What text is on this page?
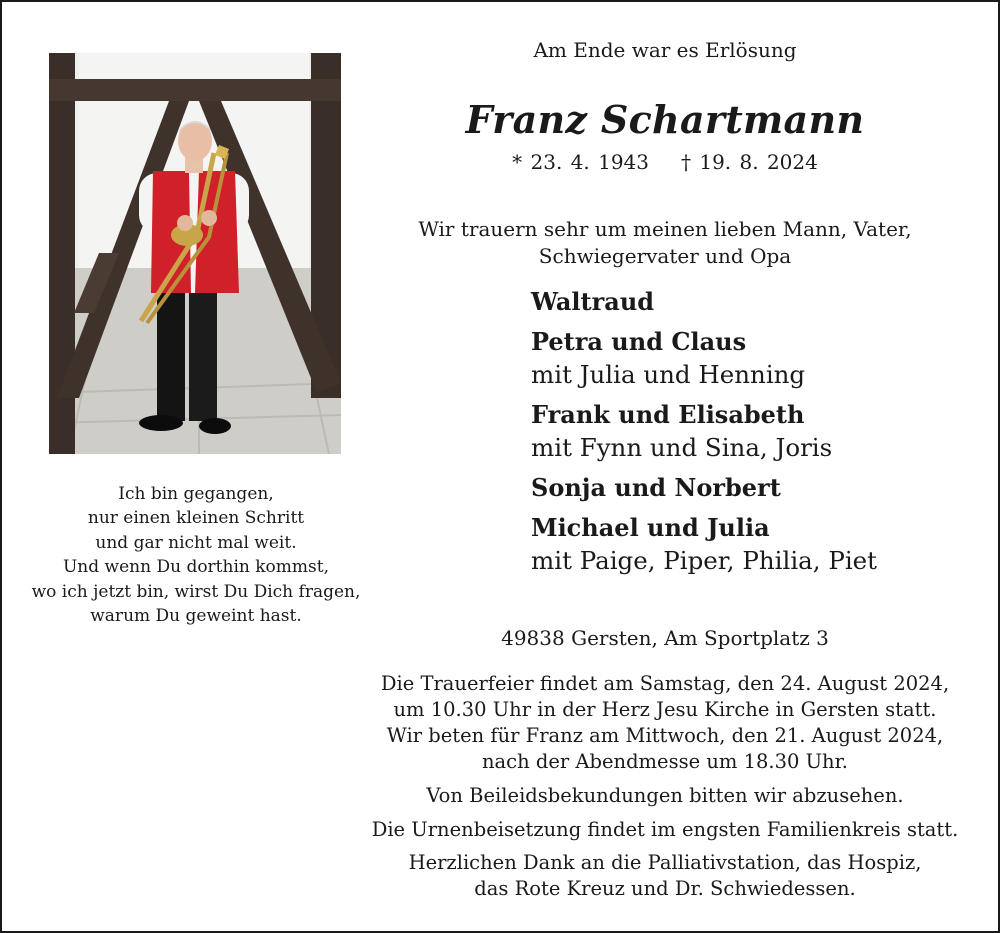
Ich bin gegangen,
nur einen kleinen Schritt
und gar nicht mal weit.
Und wenn Du dorthin kommst,
wo ich jetzt bin, wirst Du Dich fragen,
warum Du geweint hast.
Am Ende war es Erlösung
Franz Schartmann
* 23. 4. 1943 † 19. 8. 2024
Wir trauern sehr um meinen lieben Mann, Vater,
Schwiegervater und Opa
Waltraud
Petra und Claus
mit Julia und Henning
Frank und Elisabeth
mit Fynn und Sina, Joris
Sonja und Norbert
Michael und Julia
mit Paige, Piper, Philia, Piet
49838 Gersten, Am Sportplatz 3
Die Trauerfeier findet am Samstag, den 24. August 2024,
um 10.30 Uhr in der Herz Jesu Kirche in Gersten statt.
Wir beten für Franz am Mittwoch, den 21. August 2024,
nach der Abendmesse um 18.30 Uhr.
Von Beileidsbekundungen bitten wir abzusehen.
Die Urnenbeisetzung findet im engsten Familienkreis statt.
Herzlichen Dank an die Palliativstation, das Hospiz,
das Rote Kreuz und Dr. Schwiedessen.
